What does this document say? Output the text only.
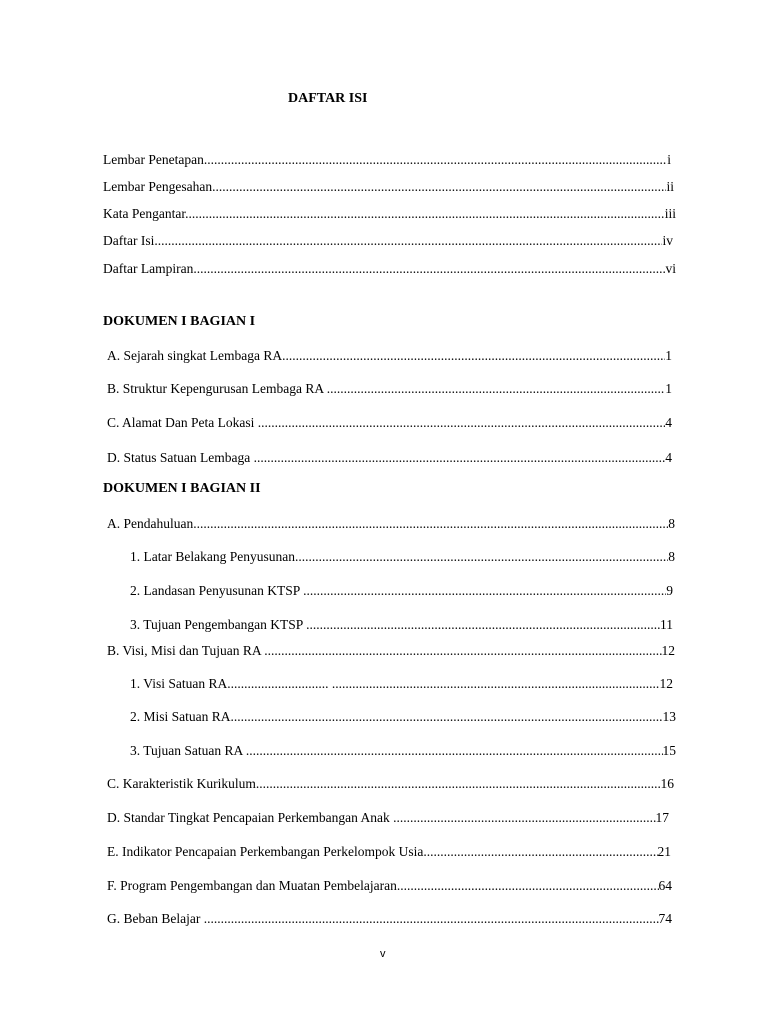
DAFTAR ISI
Lembar Penetapan .....	i
Lembar Pengesahan .....	ii
Kata Pengantar .....	iii
Daftar Isi .....	iv
Daftar Lampiran .....	vi
DOKUMEN I BAGIAN I
A. Sejarah singkat Lembaga RA .....	1
B. Struktur Kepengurusan Lembaga RA .....	1
C. Alamat Dan Peta Lokasi .....	4
D. Status Satuan Lembaga .....	4
DOKUMEN I BAGIAN II
A. Pendahuluan .....	8
1. Latar Belakang Penyusunan .....	8
2. Landasan Penyusunan KTSP .....	9
3. Tujuan Pengembangan KTSP .....	11
B. Visi, Misi dan Tujuan RA .....	12
1. Visi Satuan RA.............................. .....	12
2. Misi Satuan RA .....	13
3. Tujuan Satuan RA .....	15
C. Karakteristik Kurikulum .....	16
D. Standar Tingkat Pencapaian Perkembangan Anak .....	17
E. Indikator Pencapaian Perkembangan Perkelompok Usia .....	21
F. Program Pengembangan dan Muatan Pembelajaran .....	64
G. Beban Belajar .....	74
v
